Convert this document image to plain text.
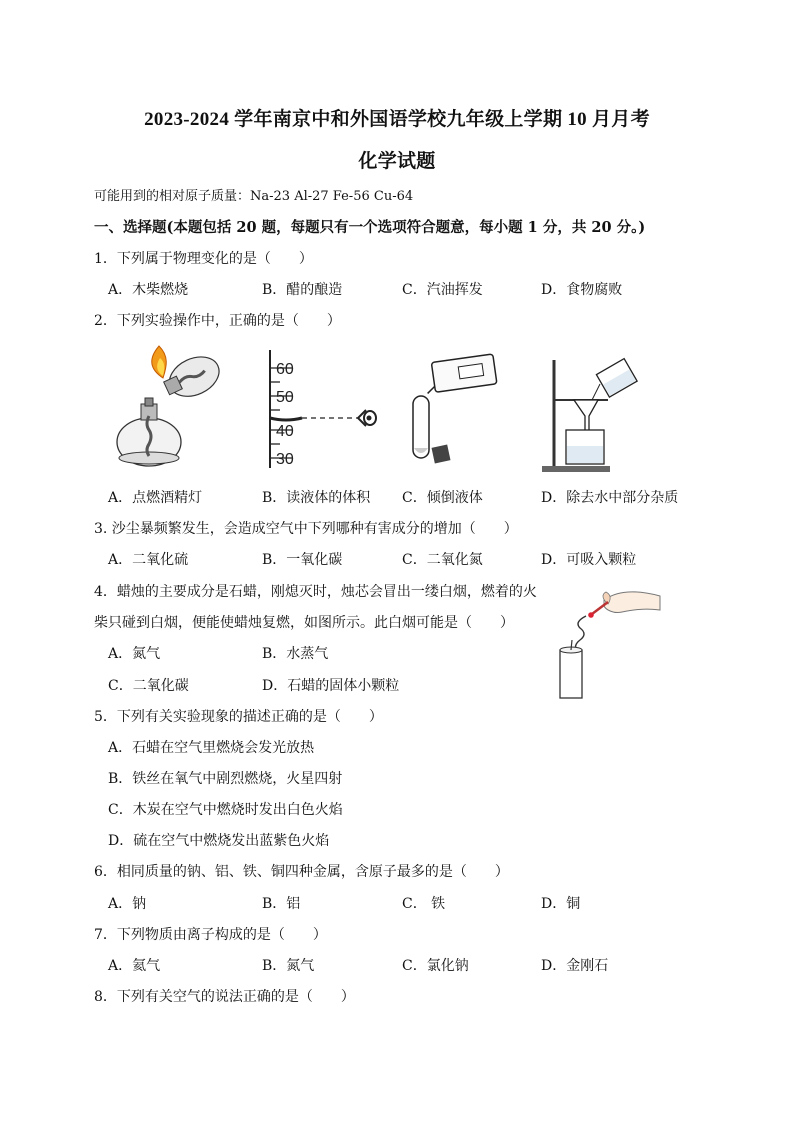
2023-2024 学年南京中和外国语学校九年级上学期 10 月月考
化学试题
可能用到的相对原子质量：Na-23 Al-27 Fe-56 Cu-64
一、选择题(本题包括 20 题，每题只有一个选项符合题意，每小题 1 分，共 20 分。)
1．下列属于物理变化的是（　　）
A．木柴燃烧	B．醋的酿造	C．汽油挥发	D．食物腐败
2．下列实验操作中，正确的是（　　）
60
50
40
30
A．点燃酒精灯	B．读液体的体积 C．倾倒液体	D．除去水中部分杂质
3. 沙尘暴频繁发生，会造成空气中下列哪种有害成分的增加（　　）
A．二氧化硫	B．一氧化碳	C．二氧化氮	D．可吸入颗粒
4．蜡烛的主要成分是石蜡，刚熄灭时，烛芯会冒出一缕白烟，燃着的火
柴只碰到白烟，便能使蜡烛复燃，如图所示。此白烟可能是（　　）
A．氮气	B．水蒸气
C．二氧化碳	D．石蜡的固体小颗粒
5．下列有关实验现象的描述正确的是（　　）
A．石蜡在空气里燃烧会发光放热
B．铁丝在氧气中剧烈燃烧，火星四射
C．木炭在空气中燃烧时发出白色火焰
D．硫在空气中燃烧发出蓝紫色火焰
6．相同质量的钠、铝、铁、铜四种金属，含原子最多的是（　　）
A．钠	B．铝	C． 铁	D．铜
7．下列物质由离子构成的是（　　）
A．氦气	B．氮气	C．氯化钠	D．金刚石
8．下列有关空气的说法正确的是（　　）
